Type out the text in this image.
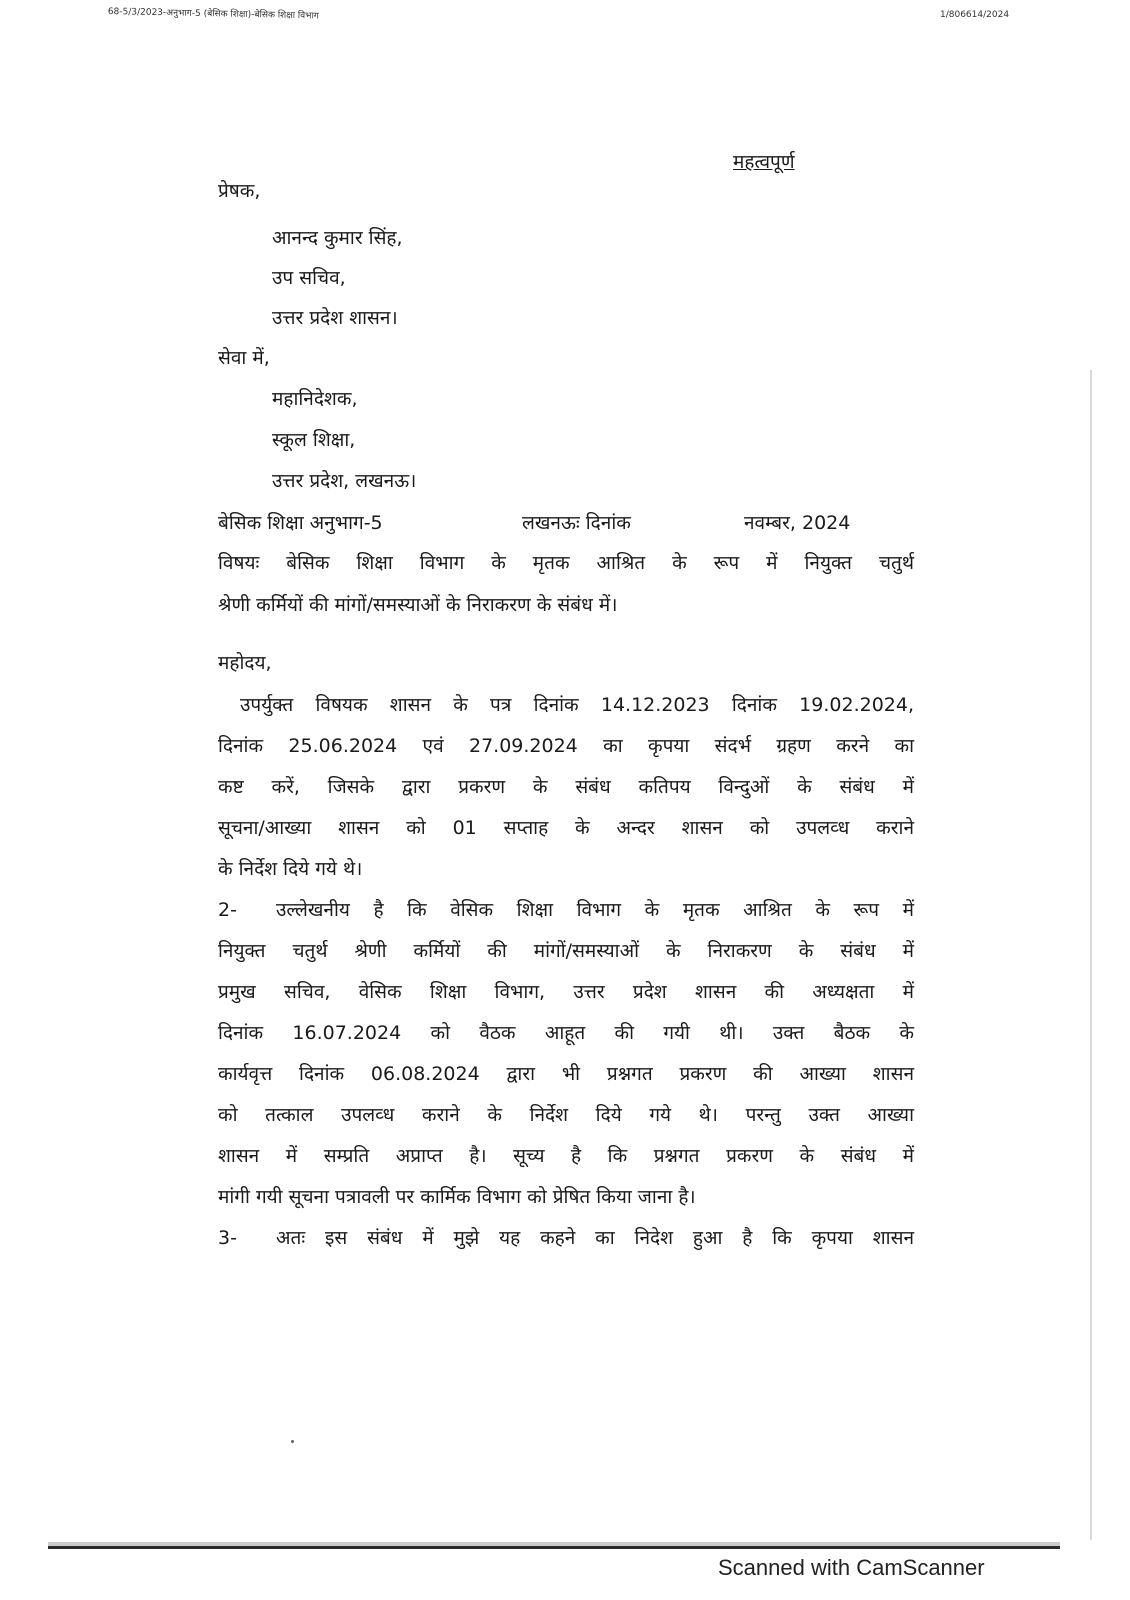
68-5/3/2023-अनुभाग-5 (बेसिक शिक्षा)-बेसिक शिक्षा विभाग	1/806614/2024
महत्वपूर्ण
प्रेषक,
आनन्द कुमार सिंह,
उप सचिव,
उत्तर प्रदेश शासन।
सेवा में,
महानिदेशक,
स्कूल शिक्षा,
उत्तर प्रदेश, लखनऊ।
बेसिक शिक्षा अनुभाग-5	लखनऊः दिनांक	नवम्बर, 2024
विषयः बेसिक शिक्षा विभाग के मृतक आश्रित के रूप में नियुक्त चतुर्थ
श्रेणी कर्मियों की मांगों/समस्याओं के निराकरण के संबंध में।
महोदय,
उपर्युक्त विषयक शासन के पत्र दिनांक 14.12.2023 दिनांक 19.02.2024,
दिनांक 25.06.2024 एवं 27.09.2024 का कृपया संदर्भ ग्रहण करने का
कष्ट करें, जिसके द्वारा प्रकरण के संबंध कतिपय विन्दुओं के संबंध में
सूचना/आख्या शासन को 01 सप्ताह के अन्दर शासन को उपलव्ध कराने
के निर्देश दिये गये थे।
2- उल्लेखनीय है कि वेसिक शिक्षा विभाग के मृतक आश्रित के रूप में
नियुक्त चतुर्थ श्रेणी कर्मियों की मांगों/समस्याओं के निराकरण के संबंध में
प्रमुख सचिव, वेसिक शिक्षा विभाग, उत्तर प्रदेश शासन की अध्यक्षता में
दिनांक 16.07.2024 को वैठक आहूत की गयी थी। उक्त बैठक के
कार्यवृत्त दिनांक 06.08.2024 द्वारा भी प्रश्नगत प्रकरण की आख्या शासन
को तत्काल उपलव्ध कराने के निर्देश दिये गये थे। परन्तु उक्त आख्या
शासन में सम्प्रति अप्राप्त है। सूच्य है कि प्रश्नगत प्रकरण के संबंध में
मांगी गयी सूचना पत्रावली पर कार्मिक विभाग को प्रेषित किया जाना है।
3- अतः इस संबंध में मुझे यह कहने का निदेश हुआ है कि कृपया शासन
Scanned with CamScanner
